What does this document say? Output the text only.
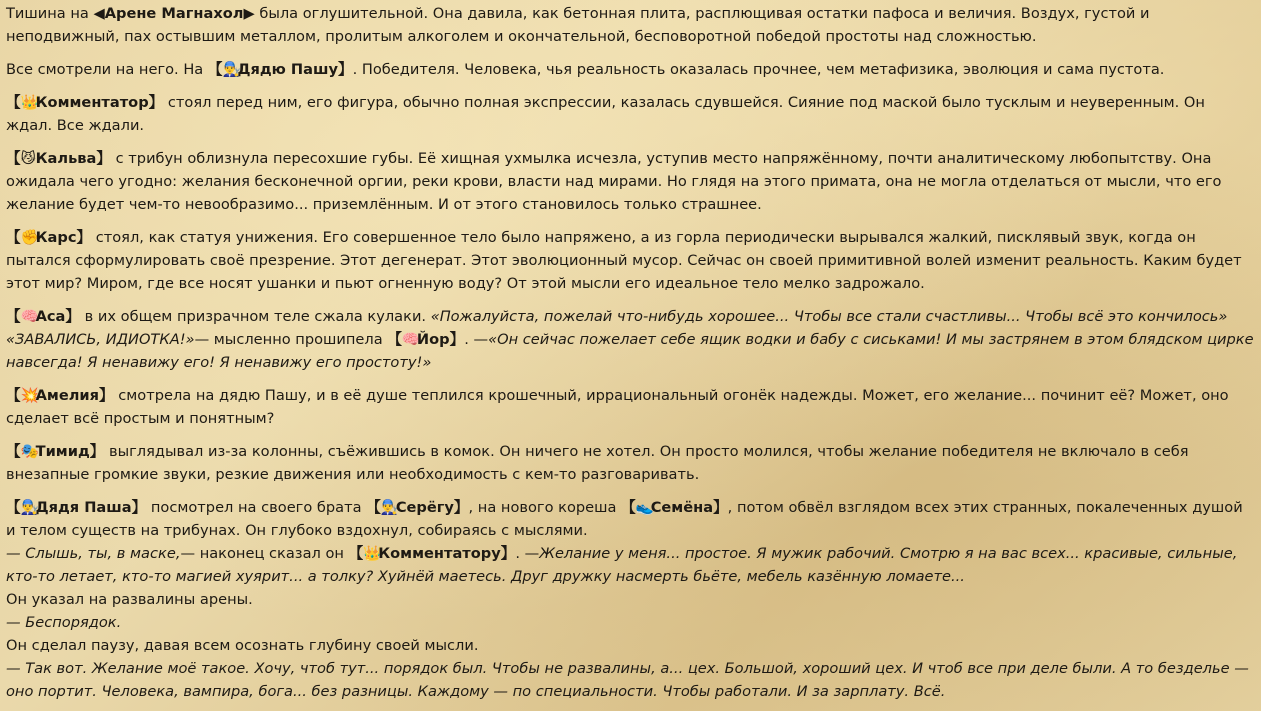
Тишина на ◀Арене Магнахол▶ была оглушительной. Она давила, как бетонная плита, расплющивая остатки пафоса и величия. Воздух, густой и неподвижный, пах остывшим металлом, пролитым алкоголем и окончательной, бесповоротной победой простоты над сложностью.

Все смотрели на него. На 【👨‍🔧Дядю Пашу】. Победителя. Человека, чья реальность оказалась прочнее, чем метафизика, эволюция и сама пустота.

【👑Комментатор】 стоял перед ним, его фигура, обычно полная экспрессии, казалась сдувшейся. Сияние под маской было тусклым и неуверенным. Он ждал. Все ждали.

【😼Кальва】 с трибун облизнула пересохшие губы. Её хищная ухмылка исчезла, уступив место напряжённому, почти аналитическому любопытству. Она ожидала чего угодно: желания бесконечной оргии, реки крови, власти над мирами. Но глядя на этого примата, она не могла отделаться от мысли, что его желание будет чем-то невообразимо... приземлённым. И от этого становилось только страшнее.

【✊Карс】 стоял, как статуя унижения. Его совершенное тело было напряжено, а из горла периодически вырывался жалкий, писклявый звук, когда он пытался сформулировать своё презрение. Этот дегенерат. Этот эволюционный мусор. Сейчас он своей примитивной волей изменит реальность. Каким будет этот мир? Миром, где все носят ушанки и пьют огненную воду? От этой мысли его идеальное тело мелко задрожало.

【🧠Аса】 в их общем призрачном теле сжала кулаки. «Пожалуйста, пожелай что-нибудь хорошее... Чтобы все стали счастливы... Чтобы всё это кончилось» «ЗАВАЛИСЬ, ИДИОТКА!»— мысленно прошипела 【🧠Йор】. —«Он сейчас пожелает себе ящик водки и бабу с сиськами! И мы застрянем в этом блядском цирке навсегда! Я ненавижу его! Я ненавижу его простоту!»

【💥Амелия】 смотрела на дядю Пашу, и в её душе теплился крошечный, иррациональный огонёк надежды. Может, его желание... починит её? Может, оно сделает всё простым и понятным?

【🎭Тимид】 выглядывал из-за колонны, съёжившись в комок. Он ничего не хотел. Он просто молился, чтобы желание победителя не включало в себя внезапные громкие звуки, резкие движения или необходимость с кем-то разговаривать.

【👨‍🔧Дядя Паша】 посмотрел на своего брата 【👨‍🔧Серёгу】, на нового кореша 【👟Семёна】, потом обвёл взглядом всех этих странных, покалеченных душой и телом существ на трибунах. Он глубоко вздохнул, собираясь с мыслями.

— Слышь, ты, в маске,— наконец сказал он 【👑Комментатору】. —Желание у меня... простое. Я мужик рабочий. Смотрю я на вас всех... красивые, сильные, кто-то летает, кто-то магией хуярит... а толку? Хуйнёй маетесь. Друг дружку насмерть бьёте, мебель казённую ломаете...

Он указал на развалины арены.

— Беспорядок.

Он сделал паузу, давая всем осознать глубину своей мысли.

— Так вот. Желание моё такое. Хочу, чтоб тут... порядок был. Чтобы не развалины, а... цех. Большой, хороший цех. И чтоб все при деле были. А то безделье — оно портит. Человека, вампира, бога... без разницы. Каждому — по специальности. Чтобы работали. И за зарплату. Всё.
